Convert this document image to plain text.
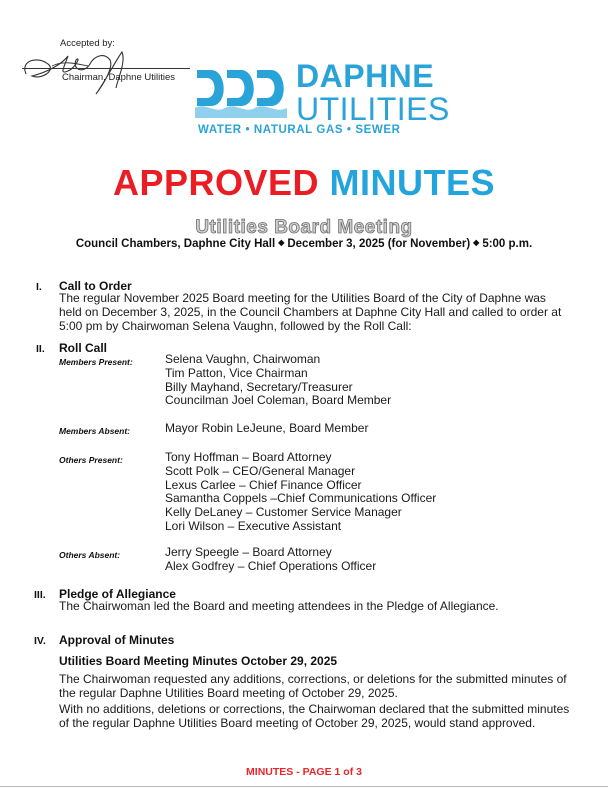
Accepted by:
Chairman, Daphne Utilities	DAPHNE
UTILITIES
WATER • NATURAL GAS • SEWER
APPROVED MINUTES
Utilities Board Meeting
Council Chambers, Daphne City Hall ◆ December 3, 2025 (for November) ◆ 5:00 p.m.
I. Call to Order
The regular November 2025 Board meeting for the Utilities Board of the City of Daphne was held on December 3, 2025, in the Council Chambers at Daphne City Hall and called to order at 5:00 pm by Chairwoman Selena Vaughn, followed by the Roll Call:
II. Roll Call
Members Present:	Selena Vaughn, Chairwoman
Tim Patton, Vice Chairman
Billy Mayhand, Secretary/Treasurer
Councilman Joel Coleman, Board Member
Members Absent:	Mayor Robin LeJeune, Board Member
Others Present:	Tony Hoffman – Board Attorney
Scott Polk – CEO/General Manager
Lexus Carlee – Chief Finance Officer
Samantha Coppels –Chief Communications Officer
Kelly DeLaney – Customer Service Manager
Lori Wilson – Executive Assistant
Others Absent:	Jerry Speegle – Board Attorney
Alex Godfrey – Chief Operations Officer
III. Pledge of Allegiance
The Chairwoman led the Board and meeting attendees in the Pledge of Allegiance.
IV. Approval of Minutes
Utilities Board Meeting Minutes October 29, 2025
The Chairwoman requested any additions, corrections, or deletions for the submitted minutes of the regular Daphne Utilities Board meeting of October 29, 2025.
With no additions, deletions or corrections, the Chairwoman declared that the submitted minutes of the regular Daphne Utilities Board meeting of October 29, 2025, would stand approved.
MINUTES - PAGE 1 of 3
